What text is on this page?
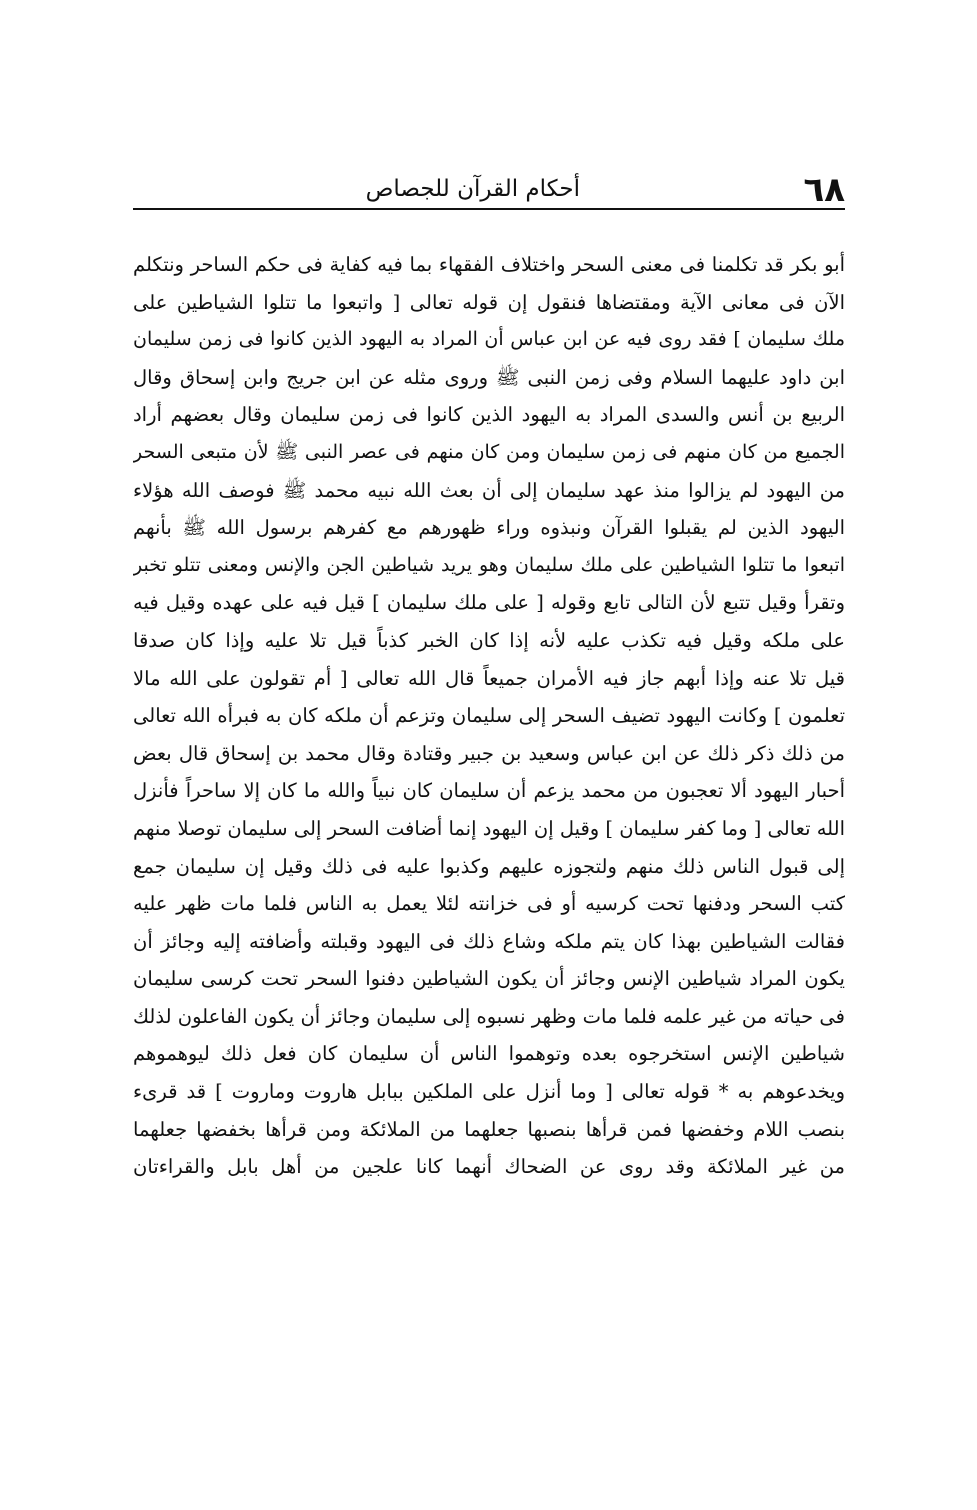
٦٨
أحكام القرآن للجصاص
أبو بكر قد تكلمنا فى معنى السحر واختلاف الفقهاء بما فيه كفاية فى حكم الساحر ونتكلم
الآن فى معانى الآية ومقتضاها فنقول إن قوله تعالى [ واتبعوا ما تتلوا الشياطين على
ملك سليمان ] فقد روى فيه عن ابن عباس أن المراد به اليهود الذين كانوا فى زمن سليمان
ابن داود عليهما السلام وفى زمن النبى ﷺ وروى مثله عن ابن جريج وابن إسحاق وقال
الربيع بن أنس والسدى المراد به اليهود الذين كانوا فى زمن سليمان وقال بعضهم أراد
الجميع من كان منهم فى زمن سليمان ومن كان منهم فى عصر النبى ﷺ لأن متبعى السحر
من اليهود لم يزالوا منذ عهد سليمان إلى أن بعث الله نبيه محمد ﷺ فوصف الله هؤلاء
اليهود الذين لم يقبلوا القرآن ونبذوه وراء ظهورهم مع كفرهم برسول الله ﷺ بأنهم
اتبعوا ما تتلوا الشياطين على ملك سليمان وهو يريد شياطين الجن والإنس ومعنى تتلو تخبر
وتقرأ وقيل تتبع لأن التالى تابع وقوله [ على ملك سليمان ] قيل فيه على عهده وقيل فيه
على ملكه وقيل فيه تكذب عليه لأنه إذا كان الخبر كذباً قيل تلا عليه وإذا كان صدقا
قيل تلا عنه وإذا أبهم جاز فيه الأمران جميعاً قال الله تعالى [ أم تقولون على الله مالا
تعلمون ] وكانت اليهود تضيف السحر إلى سليمان وتزعم أن ملكه كان به فبرأه الله تعالى
من ذلك ذكر ذلك عن ابن عباس وسعيد بن جبير وقتادة وقال محمد بن إسحاق قال بعض
أحبار اليهود ألا تعجبون من محمد يزعم أن سليمان كان نبياً والله ما كان إلا ساحراً فأنزل
الله تعالى [ وما كفر سليمان ] وقيل إن اليهود إنما أضافت السحر إلى سليمان توصلا منهم
إلى قبول الناس ذلك منهم ولتجوزه عليهم وكذبوا عليه فى ذلك وقيل إن سليمان جمع
كتب السحر ودفنها تحت كرسيه أو فى خزانته لئلا يعمل به الناس فلما مات ظهر عليه
فقالت الشياطين بهذا كان يتم ملكه وشاع ذلك فى اليهود وقبلته وأضافته إليه وجائز أن
يكون المراد شياطين الإنس وجائز أن يكون الشياطين دفنوا السحر تحت كرسى سليمان
فى حياته من غير علمه فلما مات وظهر نسبوه إلى سليمان وجائز أن يكون الفاعلون لذلك
شياطين الإنس استخرجوه بعده وتوهموا الناس أن سليمان كان فعل ذلك ليوهموهم
ويخدعوهم به * قوله تعالى [ وما أنزل على الملكين ببابل هاروت وماروت ] قد قرىء
بنصب اللام وخفضها فمن قرأها بنصبها جعلهما من الملائكة ومن قرأها بخفضها جعلهما
من غير الملائكة وقد روى عن الضحاك أنهما كانا علجين من أهل بابل والقراءتان
